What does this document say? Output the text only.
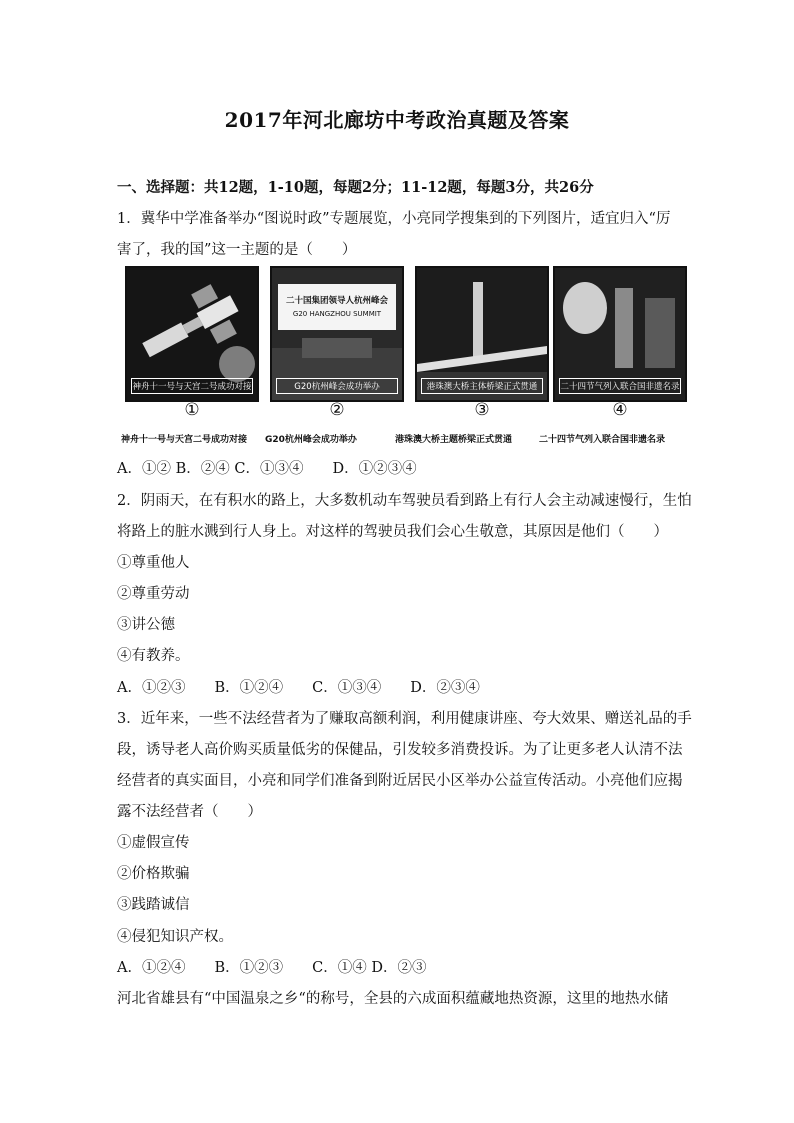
2017年河北廊坊中考政治真题及答案
一、选择题：共12题，1-10题，每题2分；11-12题，每题3分，共26分
1．冀华中学准备举办“图说时政”专题展览，小亮同学搜集到的下列图片，适宜归入“厉
害了，我的国”这一主题的是（　　）
神舟十一号与天宫二号成功对接
①
二十国集团领导人杭州峰会
G20 HANGZHOU SUMMIT
G20杭州峰会成功举办
②
港珠澳大桥主体桥梁正式贯通
③
二十四节气列入联合国非遗名录
④
神舟十一号与天宫二号成功对接 G20杭州峰会成功举办	港珠澳大桥主题桥梁正式贯通	二十四节气列入联合国非遗名录
A．①② B．②④ C．①③④　　D．①②③④
2．阴雨天，在有积水的路上，大多数机动车驾驶员看到路上有行人会主动减速慢行，生怕
将路上的脏水溅到行人身上。对这样的驾驶员我们会心生敬意，其原因是他们（　　）
①尊重他人
②尊重劳动
③讲公德
④有教养。
A．①②③　　B．①②④　　C．①③④　　D．②③④
3．近年来，一些不法经营者为了赚取高额利润，利用健康讲座、夸大效果、赠送礼品的手
段，诱导老人高价购买质量低劣的保健品，引发较多消费投诉。为了让更多老人认清不法
经营者的真实面目，小亮和同学们准备到附近居民小区举办公益宣传活动。小亮他们应揭
露不法经营者（　　）
①虚假宣传
②价格欺骗
③践踏诚信
④侵犯知识产权。
A．①②④　　B．①②③　　C．①④ D．②③
河北省雄县有“中国温泉之乡“的称号，全县的六成面积蕴藏地热资源，这里的地热水储
